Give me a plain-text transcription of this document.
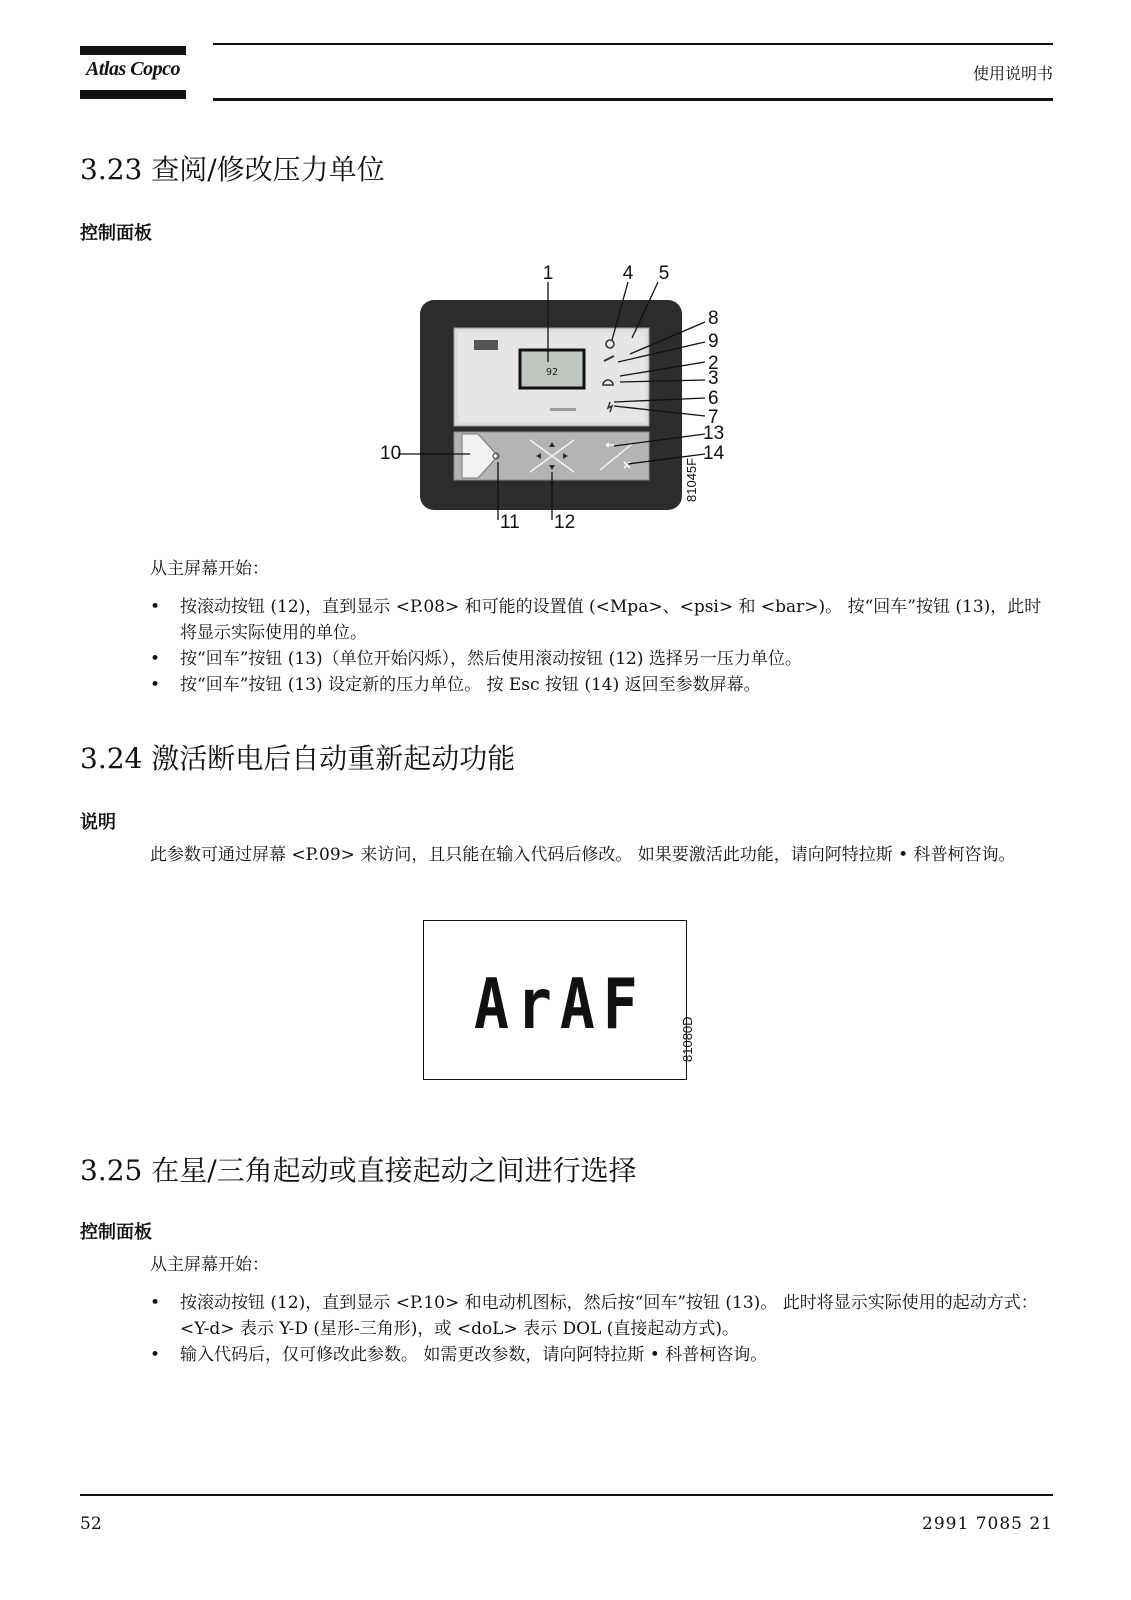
Atlas Copco	使用说明书
3.23 查阅/修改压力单位
控制面板
92
1	4 5
8
9
2
3
6
7
13
14
10
11 12
81045F
从主屏幕开始：
• 按滚动按钮 (12)，直到显示 <P.08> 和可能的设置值 (<Mpa>、<psi> 和 <bar>)。 按“回车”按钮 (13)，此时将显示实际使用的单位。
• 按“回车”按钮 (13)（单位开始闪烁），然后使用滚动按钮 (12) 选择另一压力单位。
• 按“回车”按钮 (13) 设定新的压力单位。 按 Esc 按钮 (14) 返回至参数屏幕。
3.24 激活断电后自动重新起动功能
说明
此参数可通过屏幕 <P.09> 来访问，且只能在输入代码后修改。 如果要激活此功能，请向阿特拉斯 • 科普柯咨询。
ArAF	81080D
3.25 在星/三角起动或直接起动之间进行选择
控制面板
从主屏幕开始：
• 按滚动按钮 (12)，直到显示 <P.10> 和电动机图标，然后按“回车”按钮 (13)。 此时将显示实际使用的起动方式：<Y-d> 表示 Y-D (星形-三角形)，或 <doL> 表示 DOL (直接起动方式)。
• 输入代码后，仅可修改此参数。 如需更改参数，请向阿特拉斯 • 科普柯咨询。
52	2991 7085 21
